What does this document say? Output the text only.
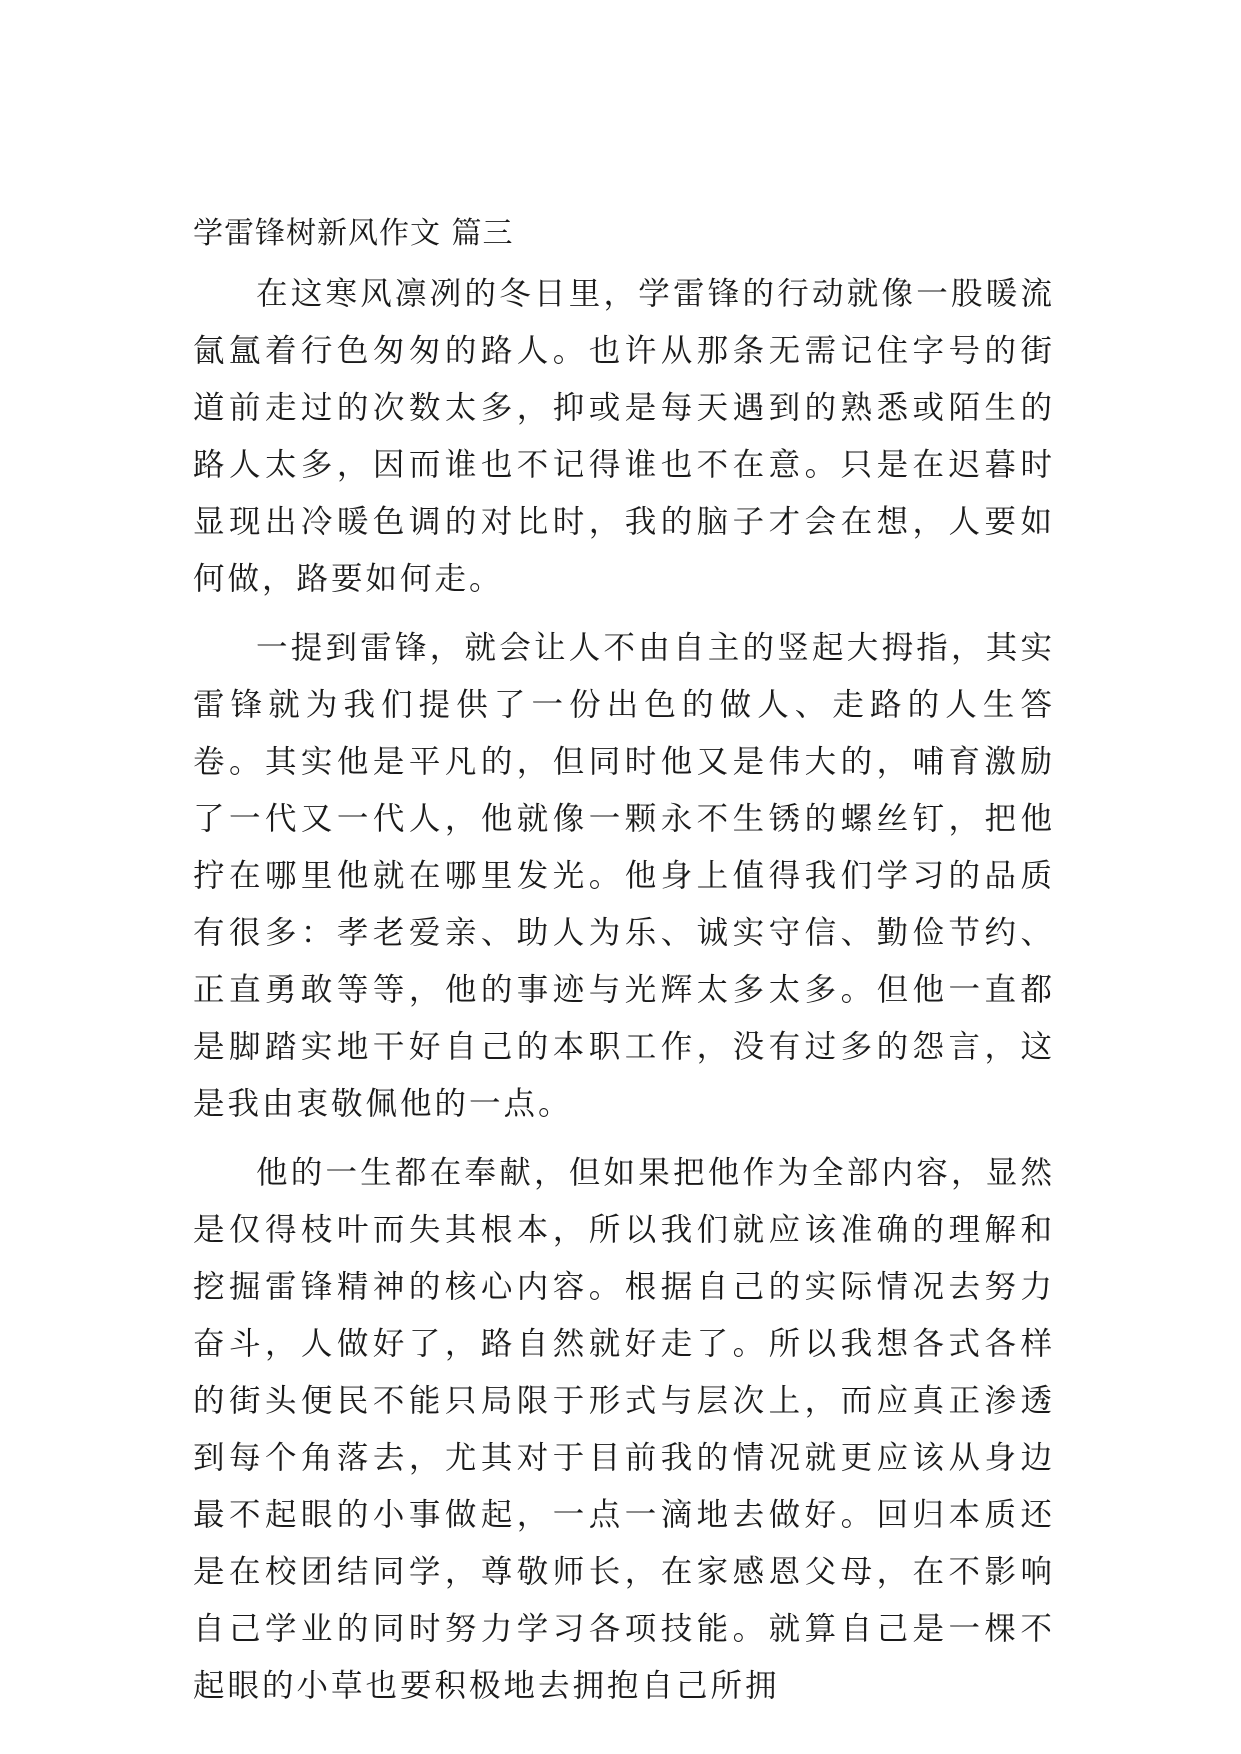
学雷锋树新风作文 篇三

在这寒风凛冽的冬日里，学雷锋的行动就像一股暖流氤氲着行色匆匆的路人。也许从那条无需记住字号的街道前走过的次数太多，抑或是每天遇到的熟悉或陌生的路人太多，因而谁也不记得谁也不在意。只是在迟暮时显现出冷暖色调的对比时，我的脑子才会在想，人要如何做，路要如何走。

一提到雷锋，就会让人不由自主的竖起大拇指，其实雷锋就为我们提供了一份出色的做人、走路的人生答卷。其实他是平凡的，但同时他又是伟大的，哺育激励了一代又一代人，他就像一颗永不生锈的螺丝钉，把他拧在哪里他就在哪里发光。他身上值得我们学习的品质有很多：孝老爱亲、助人为乐、诚实守信、勤俭节约、正直勇敢等等，他的事迹与光辉太多太多。但他一直都是脚踏实地干好自己的本职工作，没有过多的怨言，这是我由衷敬佩他的一点。

他的一生都在奉献，但如果把他作为全部内容，显然是仅得枝叶而失其根本，所以我们就应该准确的理解和挖掘雷锋精神的核心内容。根据自己的实际情况去努力奋斗，人做好了，路自然就好走了。所以我想各式各样的街头便民不能只局限于形式与层次上，而应真正渗透到每个角落去，尤其对于目前我的情况就更应该从身边最不起眼的小事做起，一点一滴地去做好。回归本质还是在校团结同学，尊敬师长，在家感恩父母，在不影响自己学业的同时努力学习各项技能。就算自己是一棵不起眼的小草也要积极地去拥抱自己所拥
